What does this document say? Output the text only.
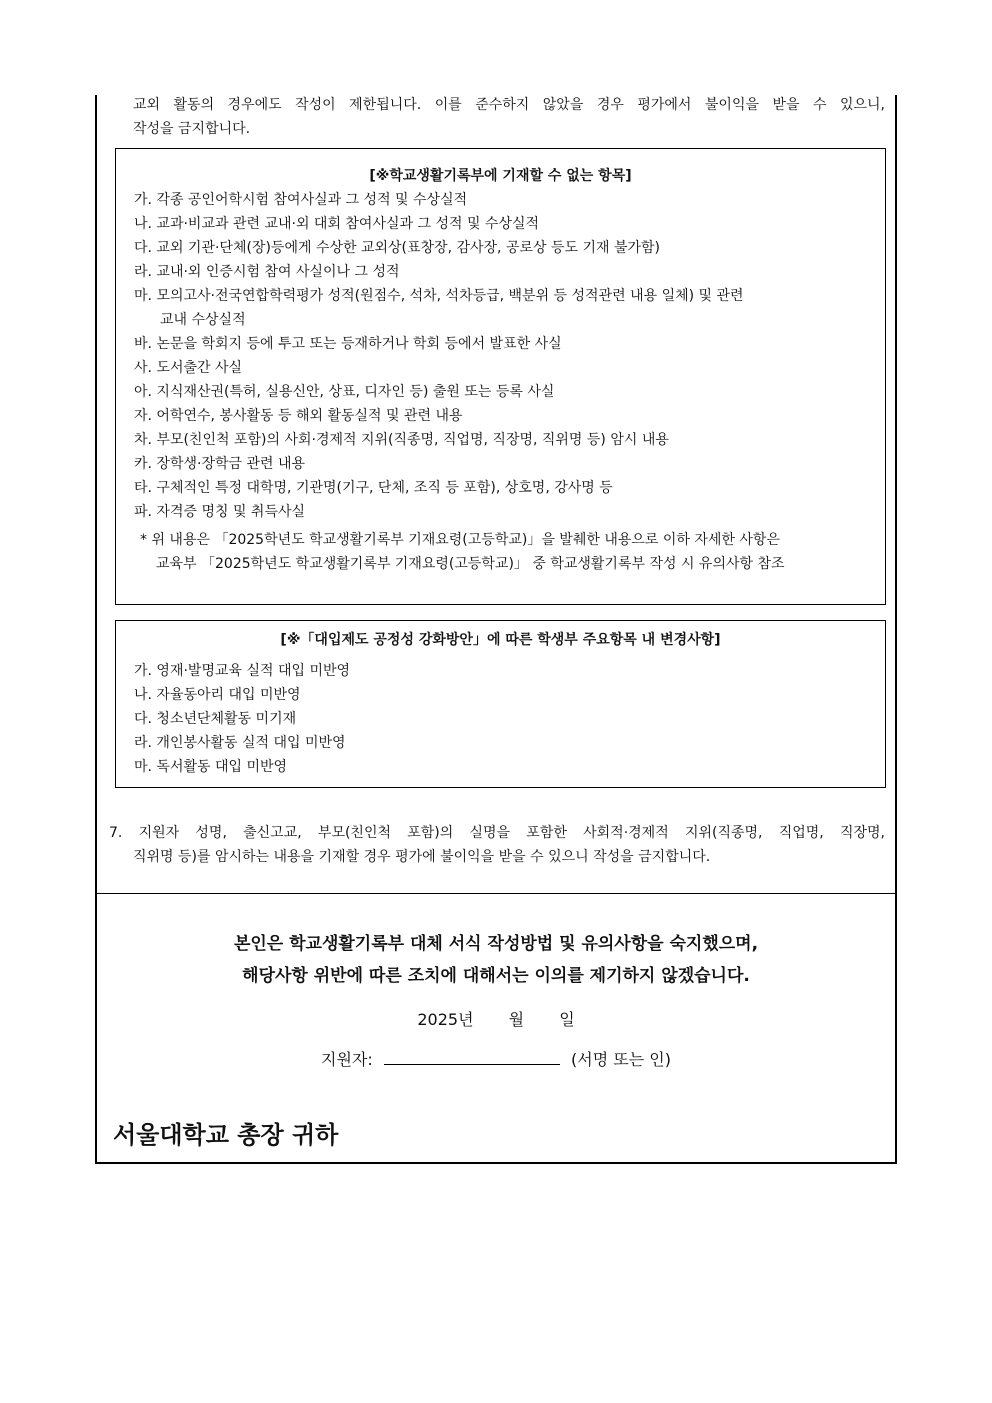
교외 활동의 경우에도 작성이 제한됩니다. 이를 준수하지 않았을 경우 평가에서 불이익을 받을 수 있으니,
작성을 금지합니다.

[※학교생활기록부에 기재할 수 없는 항목]

가. 각종 공인어학시험 참여사실과 그 성적 및 수상실적

나. 교과·비교과 관련 교내·외 대회 참여사실과 그 성적 및 수상실적

다. 교외 기관·단체(장)등에게 수상한 교외상(표창장, 감사장, 공로상 등도 기재 불가함)

라. 교내·외 인증시험 참여 사실이나 그 성적

마. 모의고사·전국연합학력평가 성적(원점수, 석차, 석차등급, 백분위 등 성적관련 내용 일체) 및 관련

교내 수상실적

바. 논문을 학회지 등에 투고 또는 등재하거나 학회 등에서 발표한 사실

사. 도서출간 사실

아. 지식재산권(특허, 실용신안, 상표, 디자인 등) 출원 또는 등록 사실

자. 어학연수, 봉사활동 등 해외 활동실적 및 관련 내용

차. 부모(친인척 포함)의 사회·경제적 지위(직종명, 직업명, 직장명, 직위명 등) 암시 내용

카. 장학생·장학금 관련 내용

타. 구체적인 특정 대학명, 기관명(기구, 단체, 조직 등 포함), 상호명, 강사명 등

파. 자격증 명칭 및 취득사실

* 위 내용은 「2025학년도 학교생활기록부 기재요령(고등학교)」을 발췌한 내용으로 이하 자세한 사항은

교육부 「2025학년도 학교생활기록부 기재요령(고등학교)」 중 학교생활기록부 작성 시 유의사항 참조

[※「대입제도 공정성 강화방안」에 따른 학생부 주요항목 내 변경사항]

가. 영재·발명교육 실적 대입 미반영

나. 자율동아리 대입 미반영

다. 청소년단체활동 미기재

라. 개인봉사활동 실적 대입 미반영

마. 독서활동 대입 미반영

7. 지원자 성명, 출신고교, 부모(친인척 포함)의 실명을 포함한 사회적·경제적 지위(직종명, 직업명, 직장명,
직위명 등)를 암시하는 내용을 기재할 경우 평가에 불이익을 받을 수 있으니 작성을 금지합니다.
본인은 학교생활기록부 대체 서식 작성방법 및 유의사항을 숙지했으며,
해당사항 위반에 따른 조치에 대해서는 이의를 제기하지 않겠습니다.
2025년 월 일
지원자:	(서명 또는 인)
서울대학교 총장 귀하
